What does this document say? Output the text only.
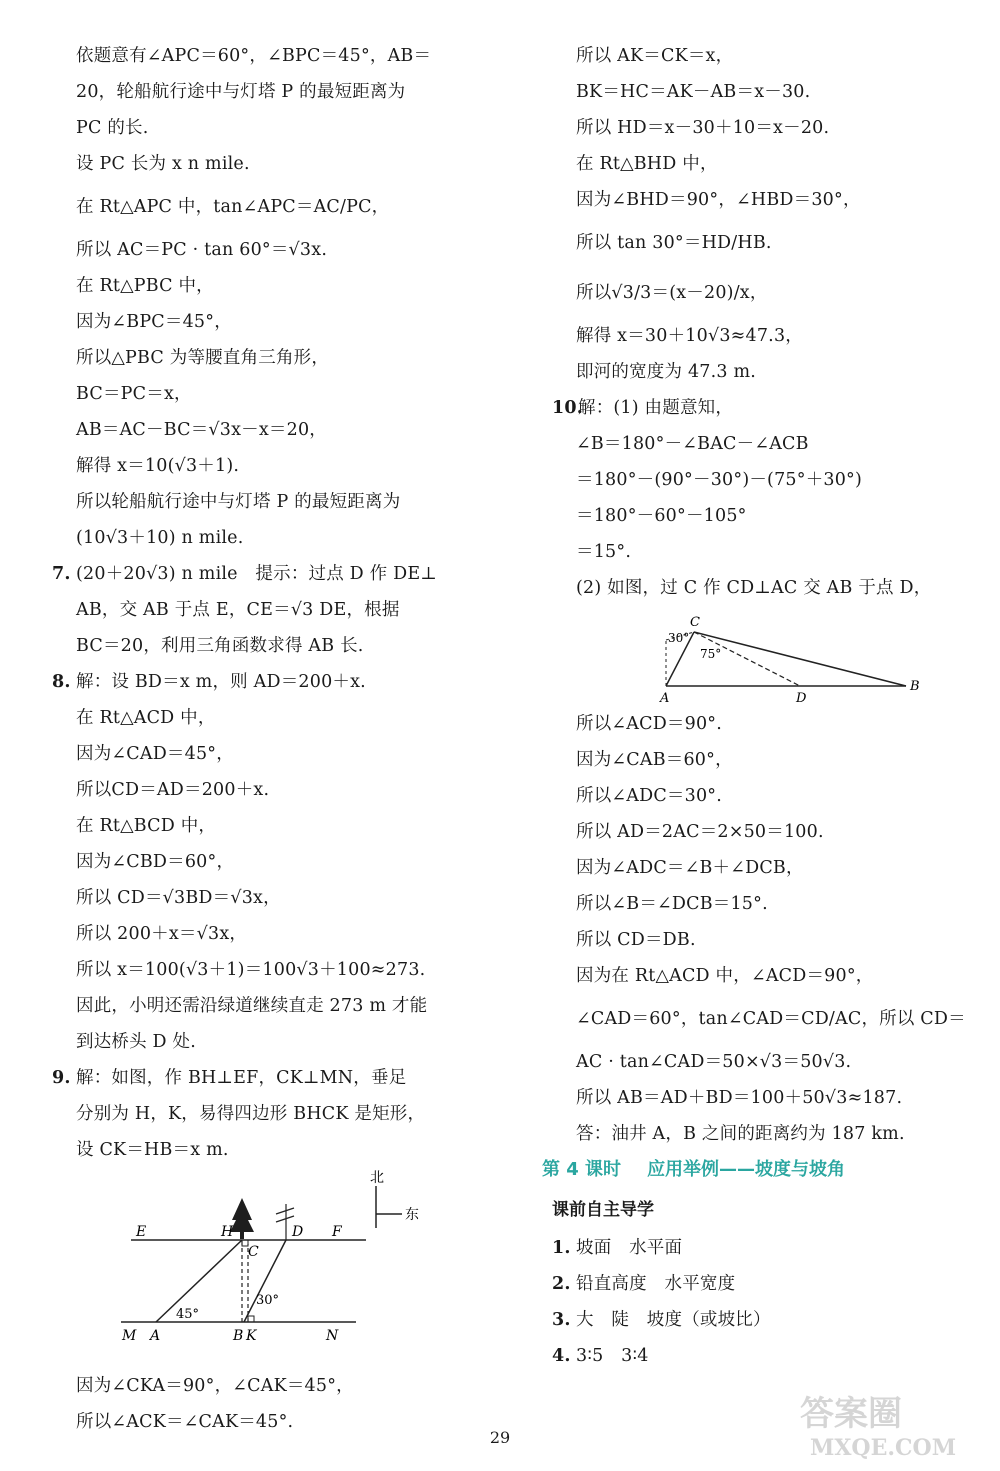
依题意有∠APC＝60°，∠BPC＝45°，AB＝
20，轮船航行途中与灯塔 P 的最短距离为
PC 的长.
设 PC 长为 x n mile.
在 Rt△APC 中，tan∠APC＝AC/PC，
所以 AC＝PC · tan 60°＝√3x.
在 Rt△PBC 中，
因为∠BPC＝45°，
所以△PBC 为等腰直角三角形，
BC＝PC＝x，
AB＝AC－BC＝√3x－x＝20，
解得 x＝10(√3＋1).
所以轮船航行途中与灯塔 P 的最短距离为
(10√3＋10) n mile.
7. (20＋20√3) n mile　提示：过点 D 作 DE⊥
AB，交 AB 于点 E，CE＝√3 DE，根据
BC＝20，利用三角函数求得 AB 长.
8. 解：设 BD＝x m，则 AD＝200＋x.
在 Rt△ACD 中，
因为∠CAD＝45°，
所以CD＝AD＝200＋x.
在 Rt△BCD 中，
因为∠CBD＝60°，
所以 CD＝√3BD＝√3x，
所以 200＋x＝√3x，
所以 x＝100(√3＋1)＝100√3＋100≈273.
因此，小明还需沿绿道继续直走 273 m 才能
到达桥头 D 处.
9. 解：如图，作 BH⊥EF，CK⊥MN，垂足
分别为 H，K，易得四边形 BHCK 是矩形，
设 CK＝HB＝x m.
北
东
E	H
C
D F
M A	B K	N
45°
30°
因为∠CKA＝90°，∠CAK＝45°，
所以∠ACK＝∠CAK＝45°.
所以 AK＝CK＝x，
BK＝HC＝AK－AB＝x－30.
所以 HD＝x－30＋10＝x－20.
在 Rt△BHD 中，
因为∠BHD＝90°，∠HBD＝30°，
所以 tan 30°＝HD/HB.
所以√3/3＝(x－20)/x，
解得 x＝30＋10√3≈47.3，
即河的宽度为 47.3 m.
10.解：(1) 由题意知，
∠B＝180°－∠BAC－∠ACB
＝180°－(90°－30°)－(75°＋30°)
＝180°－60°－105°
＝15°.
(2) 如图，过 C 作 CD⊥AC 交 AB 于点 D，
C
A	D
B
30°
75°
所以∠ACD＝90°.
因为∠CAB＝60°，
所以∠ADC＝30°.
所以 AD＝2AC＝2×50＝100.
因为∠ADC＝∠B＋∠DCB，
所以∠B＝∠DCB＝15°.
所以 CD＝DB.
因为在 Rt△ACD 中，∠ACD＝90°，
∠CAD＝60°，tan∠CAD＝CD/AC，所以 CD＝
AC · tan∠CAD＝50×√3＝50√3.
所以 AB＝AD＋BD＝100＋50√3≈187.
答：油井 A，B 之间的距离约为 187 km.
第 4 课时 应用举例——坡度与坡角
课前自主导学
1. 坡面　水平面
2. 铅直高度　水平宽度
3. 大　陡　坡度（或坡比）
4. 3∶5　3∶4
29
答案圈
MXQE.COM
